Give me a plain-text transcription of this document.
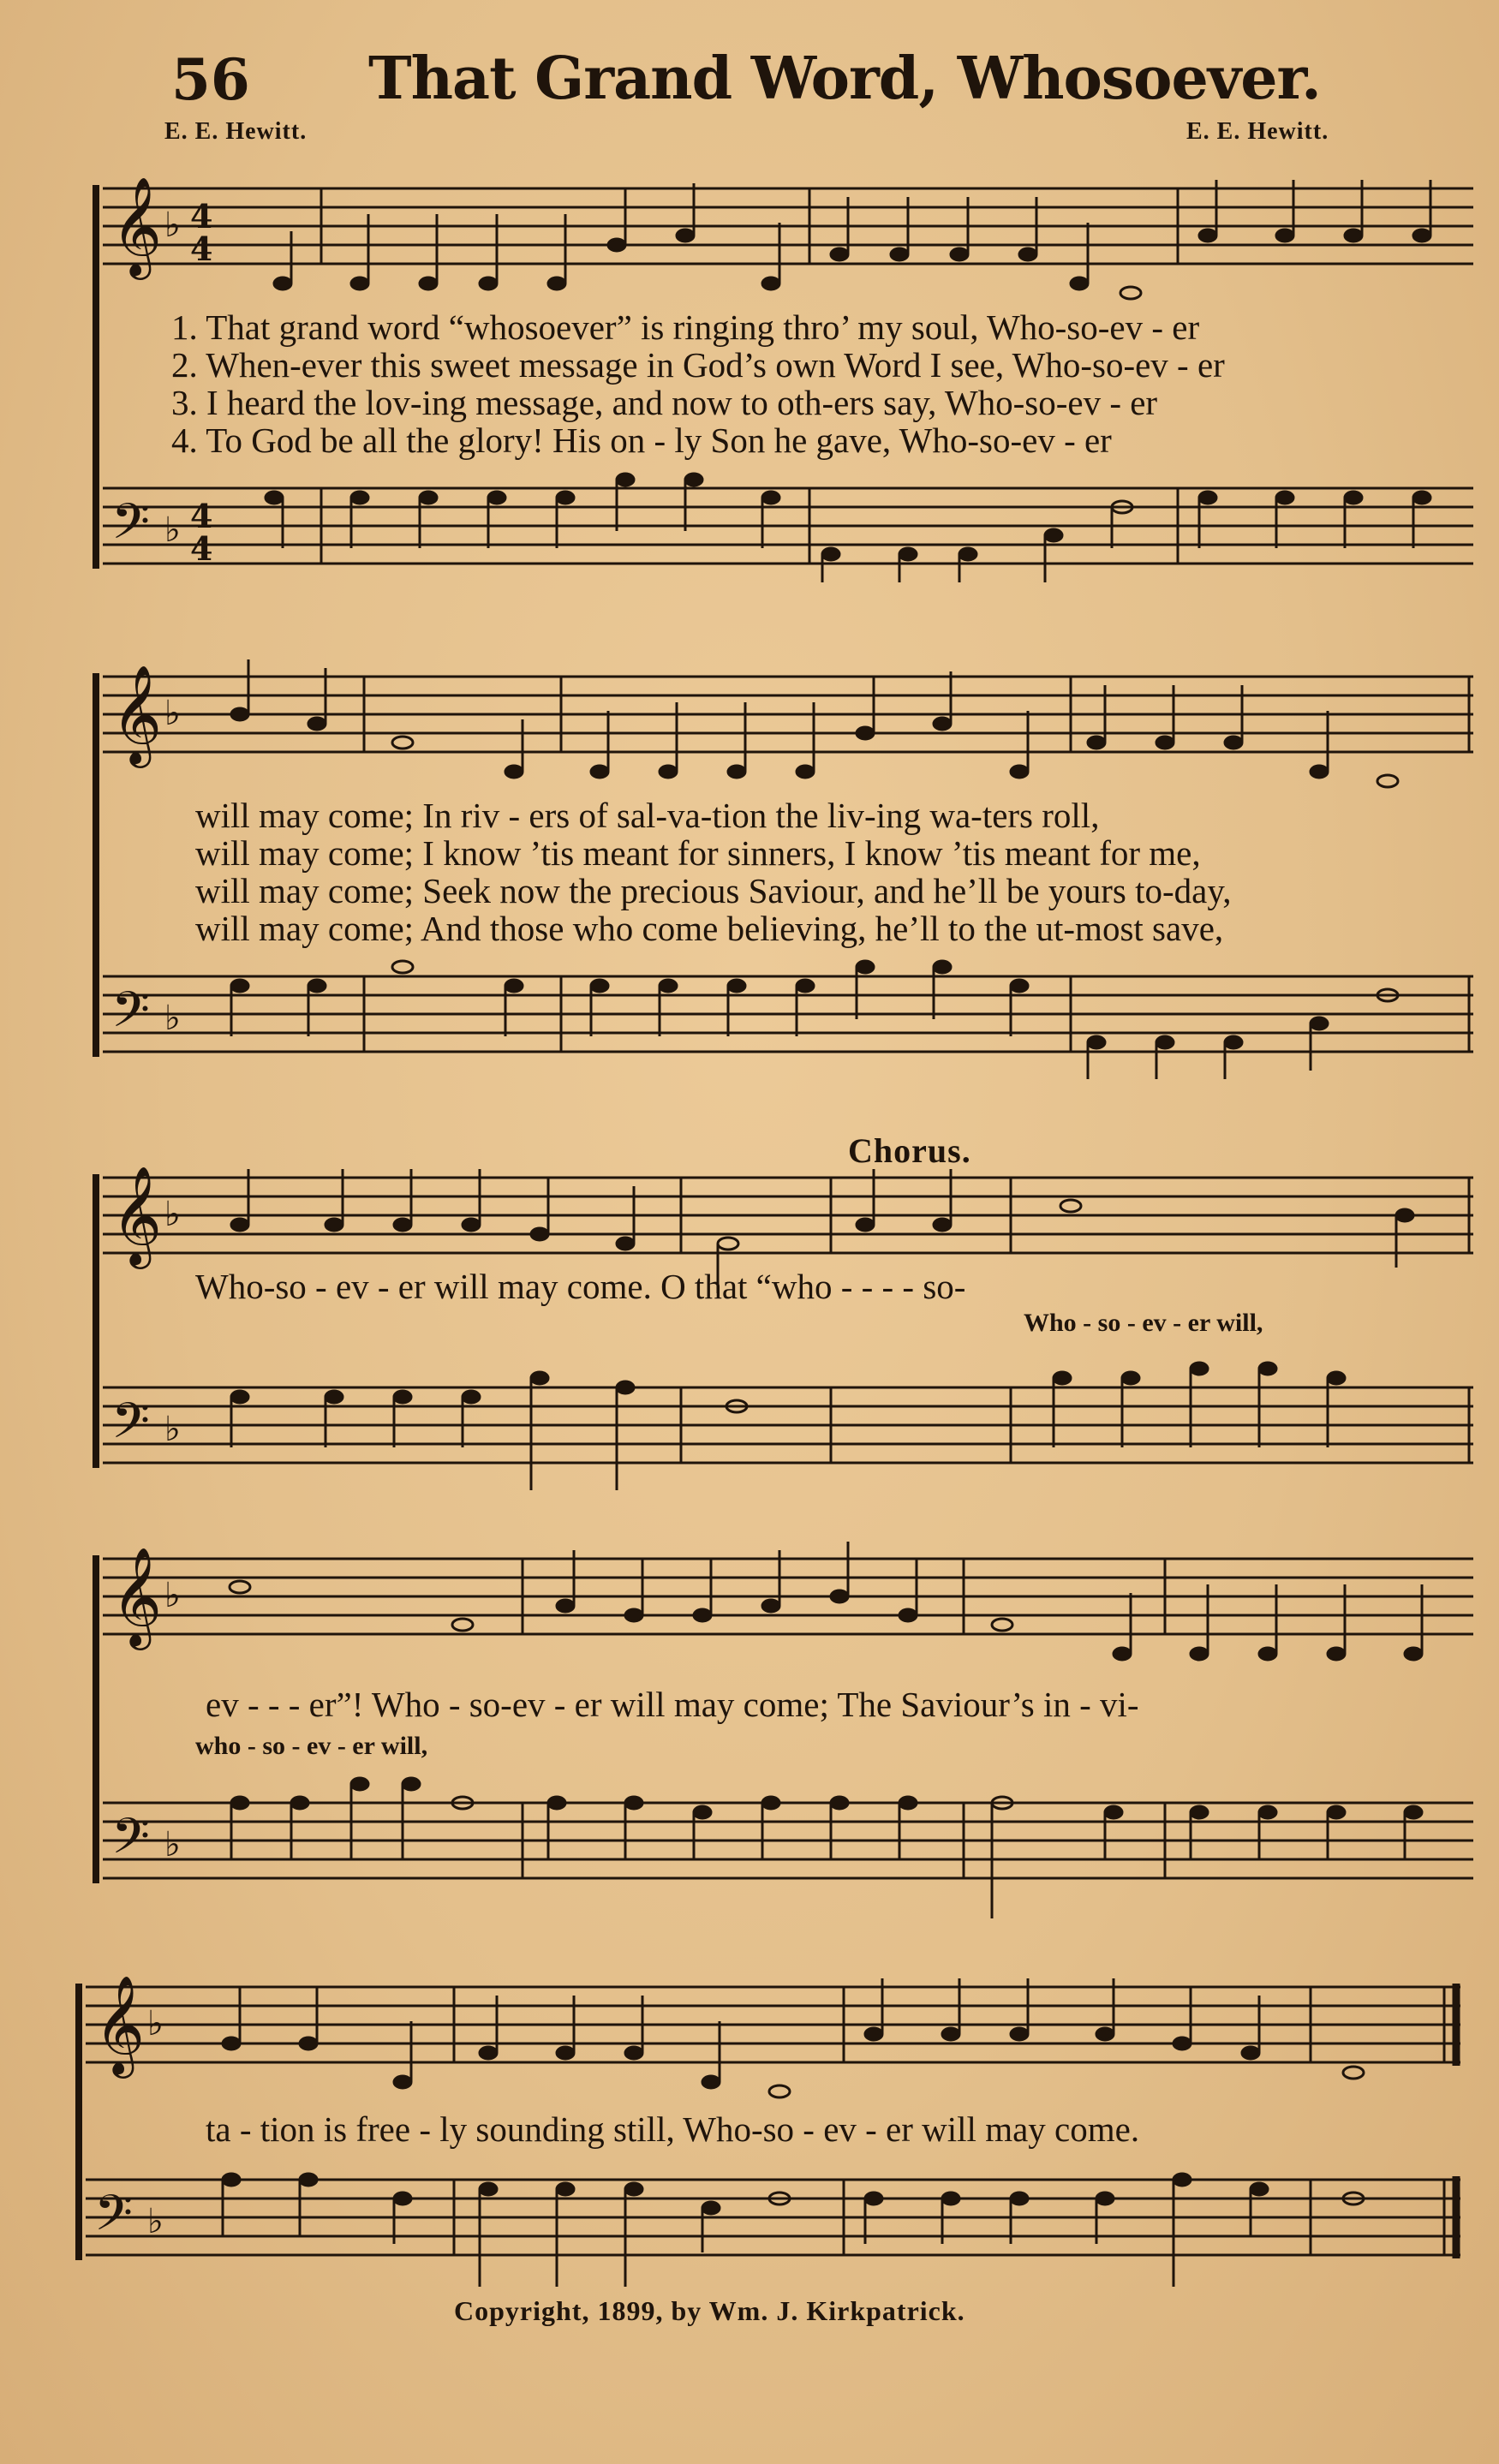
56 That Grand Word, Whosoever.
E. E. Hewitt.	E. E. Hewitt.
𝄞
𝄢
♭
♭
4
4
4
4
1. That grand word “whosoever” is ringing thro’ my soul, Who-so-ev - er
2. When-ever this sweet message in God’s own Word I see, Who-so-ev - er
3. I heard the lov-ing message, and now to oth-ers say, Who-so-ev - er
4. To God be all the glory! His on - ly Son he gave, Who-so-ev - er
𝄞
𝄢
♭
♭
will may come; In riv - ers of sal-va-tion the liv-ing wa-ters roll,
will may come; I know ’tis meant for sinners, I know ’tis meant for me,
will may come; Seek now the precious Saviour, and he’ll be yours to-day,
will may come; And those who come believing, he’ll to the ut-most save,
Chorus.
𝄞
𝄢
♭
♭
Who-so - ev - er will may come. O that “who - - - - so-
Who - so - ev - er will,
𝄞
𝄢
♭
♭
ev - - - er”! Who - so-ev - er will may come; The Saviour’s in - vi-
who - so - ev - er will,
𝄞
𝄢
♭
♭
ta - tion is free - ly sounding still, Who-so - ev - er will may come.
Copyright, 1899, by Wm. J. Kirkpatrick.
